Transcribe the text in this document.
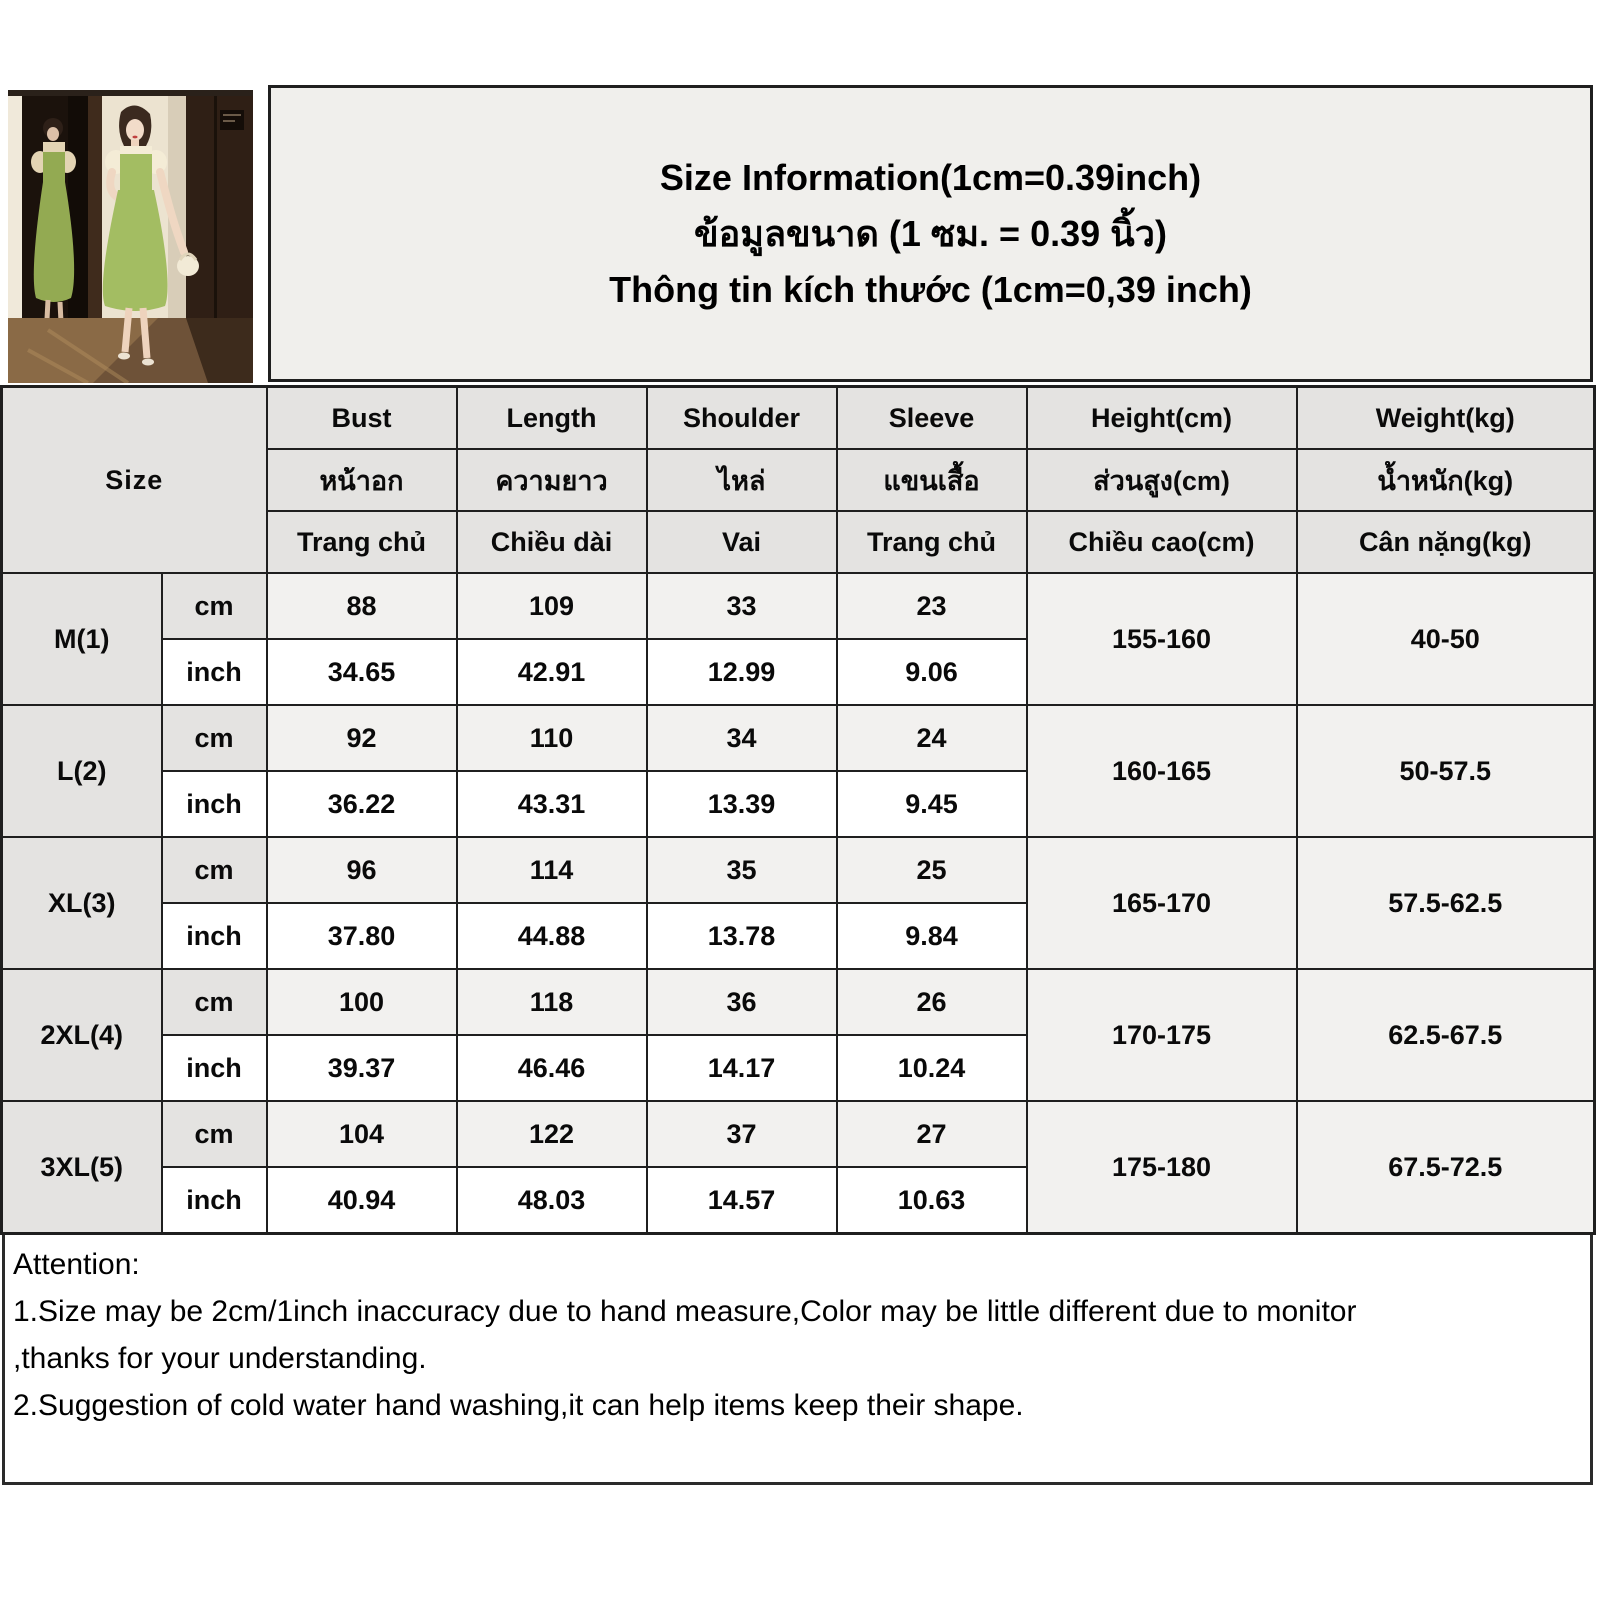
Size Information(1cm=0.39inch)
ข้อมูลขนาด (1 ซม. = 0.39 นิ้ว)
Thông tin kích thước (1cm=0,39 inch)
Size		Bust	Length	Shoulder	Sleeve	Height(cm)	Weight(kg)
		หน้าอก	ความยาว	ไหล่	แขนเสื้อ	ส่วนสูง(cm)	น้ำหนัก(kg)
		Trang chủ	Chiều dài	Vai	Trang chủ	Chiều cao(cm)	Cân nặng(kg)
M(1)	cm	88	109	33	23	155-160	40-50
	inch	34.65	42.91	12.99	9.06		
L(2)	cm	92	110	34	24	160-165	50-57.5
	inch	36.22	43.31	13.39	9.45		
XL(3)	cm	96	114	35	25	165-170	57.5-62.5
	inch	37.80	44.88	13.78	9.84		
2XL(4)	cm	100	118	36	26	170-175	62.5-67.5
	inch	39.37	46.46	14.17	10.24		
3XL(5)	cm	104	122	37	27	175-180	67.5-72.5
	inch	40.94	48.03	14.57	10.63		
Attention:
1.Size may be 2cm/1inch inaccuracy due to hand measure,Color may be little different due to monitor
,thanks for your understanding.
2.Suggestion of cold water hand washing,it can help items keep their shape.
